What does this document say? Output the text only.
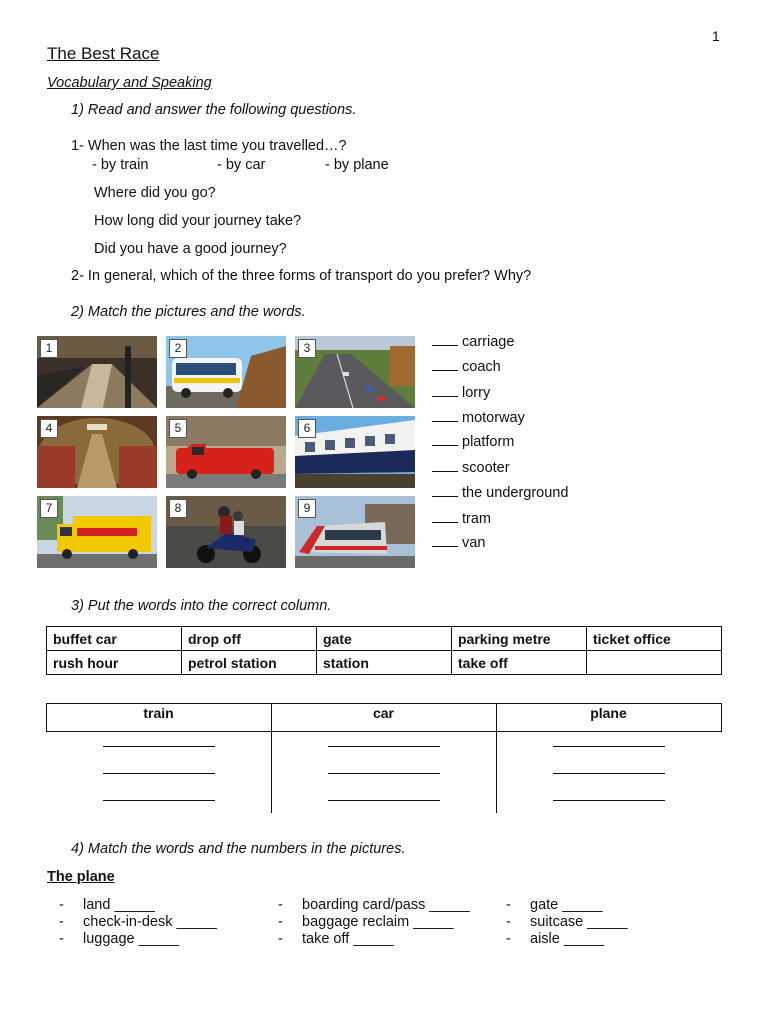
1
The Best Race
Vocabulary and Speaking
1) Read and answer the following questions.
1- When was the last time you travelled…?
- by train	- by car	- by plane
Where did you go?
How long did your journey take?
Did you have a good journey?
2- In general, which of the three forms of transport do you prefer? Why?
2) Match the pictures and the words.
1	2	3
4	5	6
7	8	9
carriage
coach
lorry
motorway
platform
scooter
the underground
tram
van
3) Put the words into the correct column.
buffet car	drop off	gate	parking metre	ticket office
rush hour	petrol station	station	take off	
train	car	plane
4) Match the words and the numbers in the pictures.
The plane
- land _____
- check-in-desk _____
- luggage _____
- boarding card/pass _____
- baggage reclaim _____
- take off _____
- gate _____
- suitcase _____
- aisle _____
